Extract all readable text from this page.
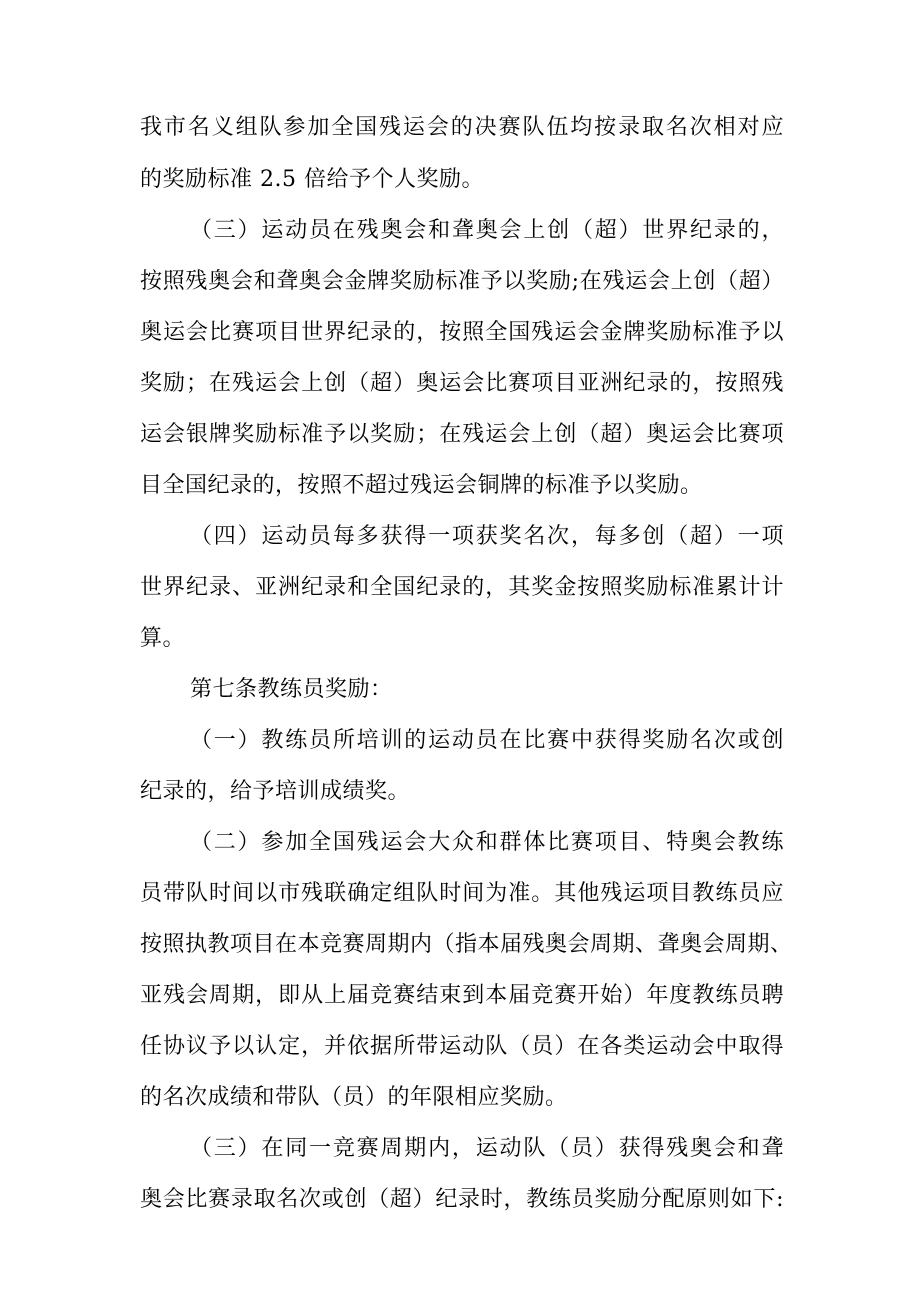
我市名义组队参加全国残运会的决赛队伍均按录取名次相对应
的奖励标准 2.5 倍给予个人奖励。
（三）运动员在残奥会和聋奥会上创（超）世界纪录的，
按照残奥会和聋奥会金牌奖励标准予以奖励;在残运会上创（超）
奥运会比赛项目世界纪录的，按照全国残运会金牌奖励标准予以
奖励；在残运会上创（超）奥运会比赛项目亚洲纪录的，按照残
运会银牌奖励标准予以奖励；在残运会上创（超）奥运会比赛项
目全国纪录的，按照不超过残运会铜牌的标准予以奖励。
（四）运动员每多获得一项获奖名次，每多创（超）一项
世界纪录、亚洲纪录和全国纪录的，其奖金按照奖励标准累计计
算。
第七条教练员奖励：
（一）教练员所培训的运动员在比赛中获得奖励名次或创
纪录的，给予培训成绩奖。
（二）参加全国残运会大众和群体比赛项目、特奥会教练
员带队时间以市残联确定组队时间为准。其他残运项目教练员应
按照执教项目在本竞赛周期内（指本届残奥会周期、聋奥会周期、
亚残会周期，即从上届竞赛结束到本届竞赛开始）年度教练员聘
任协议予以认定，并依据所带运动队（员）在各类运动会中取得
的名次成绩和带队（员）的年限相应奖励。
（三）在同一竞赛周期内，运动队（员）获得残奥会和聋
奥会比赛录取名次或创（超）纪录时，教练员奖励分配原则如下:
